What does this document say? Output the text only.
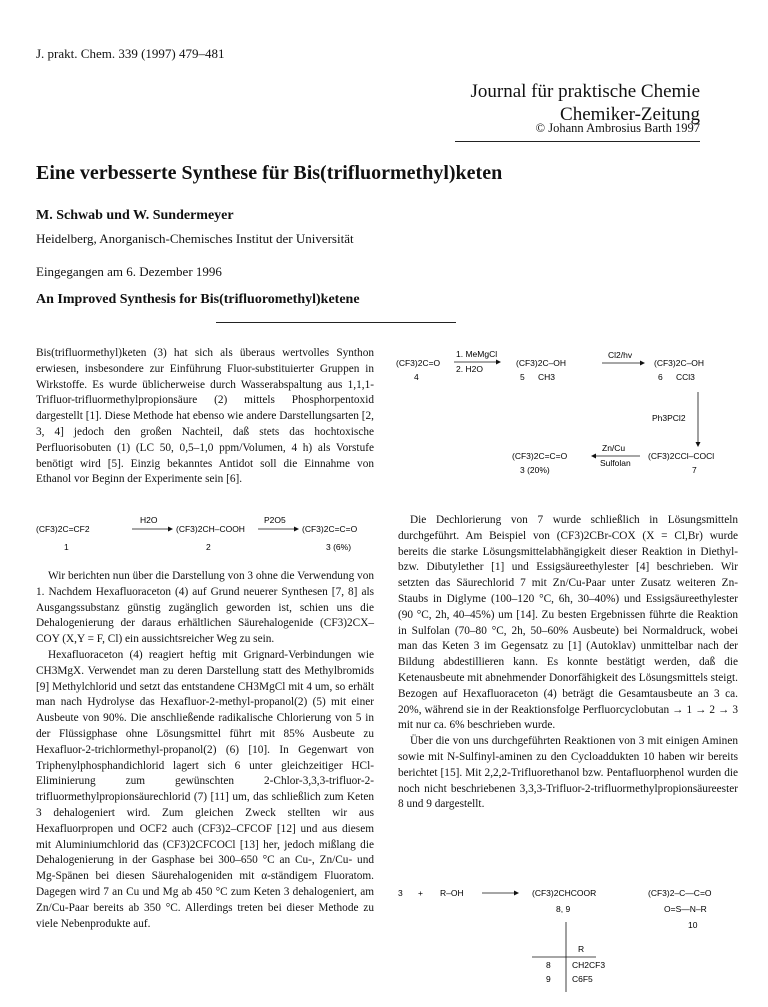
J. prakt. Chem. 339 (1997) 479–481
Journal für praktische Chemie
Chemiker-Zeitung
© Johann Ambrosius Barth 1997
Eine verbesserte Synthese für Bis(trifluormethyl)keten
M. Schwab und W. Sundermeyer
Heidelberg, Anorganisch-Chemisches Institut der Universität
Eingegangen am 6. Dezember 1996
An Improved Synthesis for Bis(trifluoromethyl)ketene

Bis(trifluormethyl)keten (3) hat sich als überaus wertvolles Synthon erwiesen, insbesondere zur Einführung Fluor-substituierter Gruppen in Wirkstoffe. Es wurde üblicherweise durch Wasserabspaltung aus 1,1,1-Trifluor-trifluormethylpropionsäure (2) mittels Phosphorpentoxid dargestellt [1]. Diese Methode hat ebenso wie andere Darstellungsarten [2, 3, 4] jedoch den großen Nachteil, daß stets das hochtoxische Perfluorisobuten (1) (LC 50, 0,5–1,0 ppm/Volumen, 4 h) als Vorstufe benötigt wird [5]. Einzig bekanntes Antidot soll die Einnahme von Ethanol vor Beginn der Experimente sein [6].

(CF3)2C=CF2
1
H2O
(CF3)2CH–COOH
2
P2O5
(CF3)2C=C=O
3 (6%)

Wir berichten nun über die Darstellung von 3 ohne die Verwendung von 1. Nachdem Hexafluoraceton (4) auf Grund neuerer Synthesen [7, 8] als Ausgangssubstanz günstig zugänglich geworden ist, schien uns die Dehalogenierung der daraus erhältlichen Säurehalogenide (CF3)2CX–COY (X,Y = F, Cl) ein aussichtsreicher Weg zu sein.

Hexafluoraceton (4) reagiert heftig mit Grignard-Verbindungen wie CH3MgX. Verwendet man zu deren Darstellung statt des Methylbromids [9] Methylchlorid und setzt das entstandene CH3MgCl mit 4 um, so erhält man nach Hydrolyse das Hexafluor-2-methyl-propanol(2) (5) mit einer Ausbeute von 90%. Die anschließende radikalische Chlorierung von 5 in der Flüssigphase ohne Lösungsmittel führt mit 85% Ausbeute zu Hexafluor-2-trichlormethyl-propanol(2) (6) [10]. In Gegenwart von Triphenylphosphandichlorid lagert sich 6 unter gleichzeitiger HCl-Eliminierung zum gewünschten 2-Chlor-3,3,3-trifluor-2-trifluormethylpropionsäurechlorid (7) [11] um, das schließlich zum Keten 3 dehalogeniert wird. Zum gleichen Zweck stellten wir aus Hexafluorpropen und OCF2 auch (CF3)2–CFCOF [12] und aus diesem mit Aluminiumchlorid das (CF3)2CFCOCl [13] her, jedoch mißlang die Dehalogenierung in der Gasphase bei 300–650 °C an Cu-, Zn/Cu- und Mg-Spänen bei diesen Säurehalogeniden mit α-ständigem Fluoratom. Dagegen wird 7 an Cu und Mg ab 450 °C zum Keten 3 dehalogeniert, am Zn/Cu-Paar bereits ab 350 °C. Allerdings treten bei dieser Methode zu viele Nebenprodukte auf.

(CF3)2C=O
4
1. MeMgCl
2. H2O
(CF3)2C–OH
5 CH3
Cl2/hv
(CF3)2C–OH
6 CCl3
Ph3PCl2
(CF3)2CCl–COCl
7
Zn/Cu
Sulfolan
(CF3)2C=C=O
3 (20%)

Die Dechlorierung von 7 wurde schließlich in Lösungsmitteln durchgeführt. Am Beispiel von (CF3)2CBr-COX (X = Cl,Br) wurde bereits die starke Lösungsmittelabhängigkeit dieser Reaktion in Diethyl- bzw. Dibutylether [1] und Essigsäureethylester [4] beschrieben. Wir setzten das Säurechlorid 7 mit Zn/Cu-Paar unter Zusatz weiteren Zn-Staubs in Diglyme (100–120 °C, 6h, 30–40%) und Essigsäureethylester (90 °C, 2h, 40–45%) um [14]. Zu besten Ergebnissen führte die Reaktion in Sulfolan (70–80 °C, 2h, 50–60% Ausbeute) bei Normaldruck, wobei man das Keten 3 im Gegensatz zu [1] (Autoklav) unmittelbar nach der Bildung abdestillieren kann. Es konnte bestätigt werden, daß die Ketenausbeute mit abnehmender Donorfähigkeit des Lösungsmittels steigt. Bezogen auf Hexafluoraceton (4) beträgt die Gesamtausbeute an 3 ca. 20%, während sie in der Reaktionsfolge Perfluorcyclobutan → 1 → 2 → 3 mit nur ca. 6% beschrieben wurde.

Über die von uns durchgeführten Reaktionen von 3 mit einigen Aminen sowie mit N-Sulfinyl-aminen zu den Cycloaddukten 10 haben wir bereits berichtet [15]. Mit 2,2,2-Trifluorethanol bzw. Pentafluorphenol wurden die noch nicht beschriebenen 3,3,3-Trifluor-2-trifluormethylpropionsäureester 8 und 9 dargestellt.

3 + R–OH	(CF3)2CHCOOR
8, 9
R
8	CH2CF3
9	C6F5
(CF3)2–C—C=O
O=S—N–R
10
